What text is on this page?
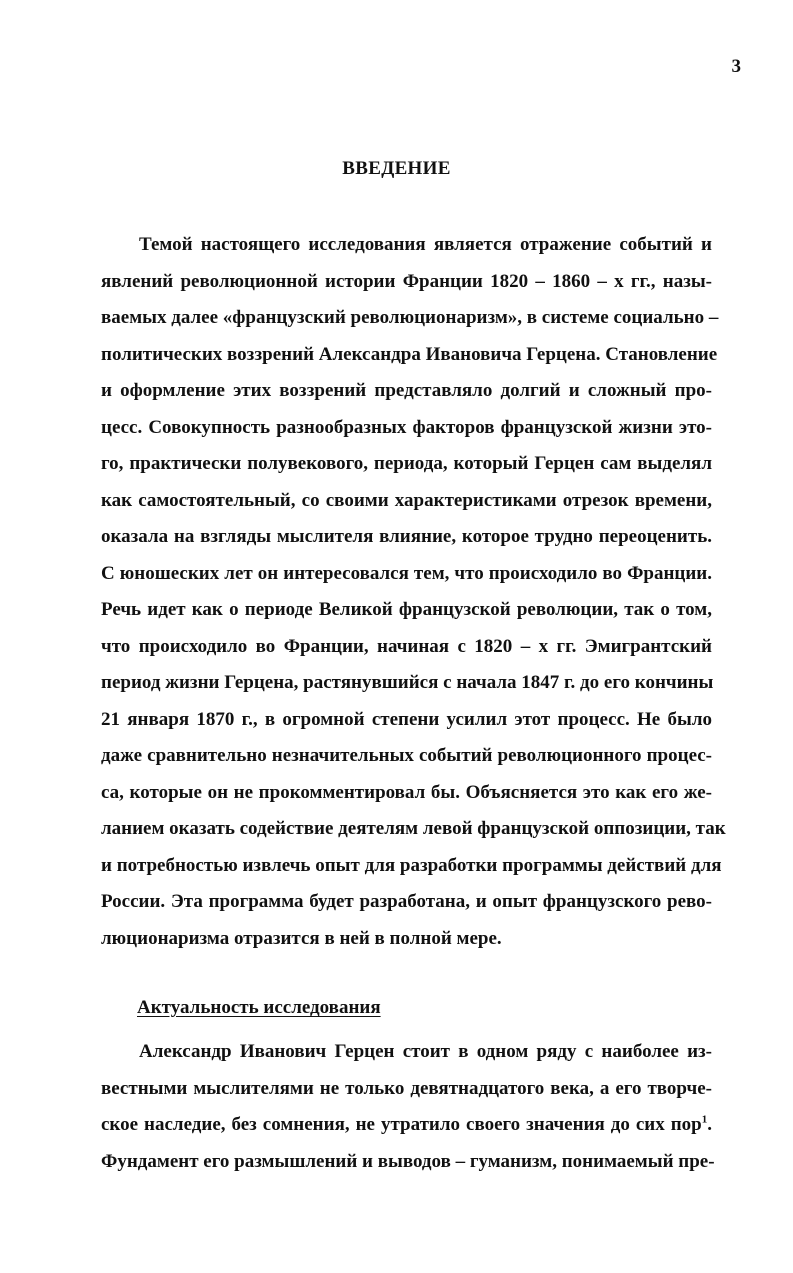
3
ВВЕДЕНИЕ
Темой настоящего исследования является отражение событий и
явлений революционной истории Франции 1820 – 1860 – х гг., назы-
ваемых далее «французский революционаризм», в системе социально –
политических воззрений Александра Ивановича Герцена. Становление
и оформление этих воззрений представляло долгий и сложный про-
цесс. Совокупность разнообразных факторов французской жизни это-
го, практически полувекового, периода, который Герцен сам выделял
как самостоятельный, со своими характеристиками отрезок времени,
оказала на взгляды мыслителя влияние, которое трудно переоценить.
С юношеских лет он интересовался тем, что происходило во Франции.
Речь идет как о периоде Великой французской революции, так о том,
что происходило во Франции, начиная с 1820 – х гг. Эмигрантский
период жизни Герцена, растянувшийся с начала 1847 г. до его кончины
21 января 1870 г., в огромной степени усилил этот процесс. Не было
даже сравнительно незначительных событий революционного процес-
са, которые он не прокомментировал бы. Объясняется это как его же-
ланием оказать содействие деятелям левой французской оппозиции, так
и потребностью извлечь опыт для разработки программы действий для
России. Эта программа будет разработана, и опыт французского рево-
люционаризма отразится в ней в полной мере.
Актуальность исследования
Александр Иванович Герцен стоит в одном ряду с наиболее из-
вестными мыслителями не только девятнадцатого века, а его творче-
ское наследие, без сомнения, не утратило своего значения до сих пор$^1$.
Фундамент его размышлений и выводов – гуманизм, понимаемый пре-
